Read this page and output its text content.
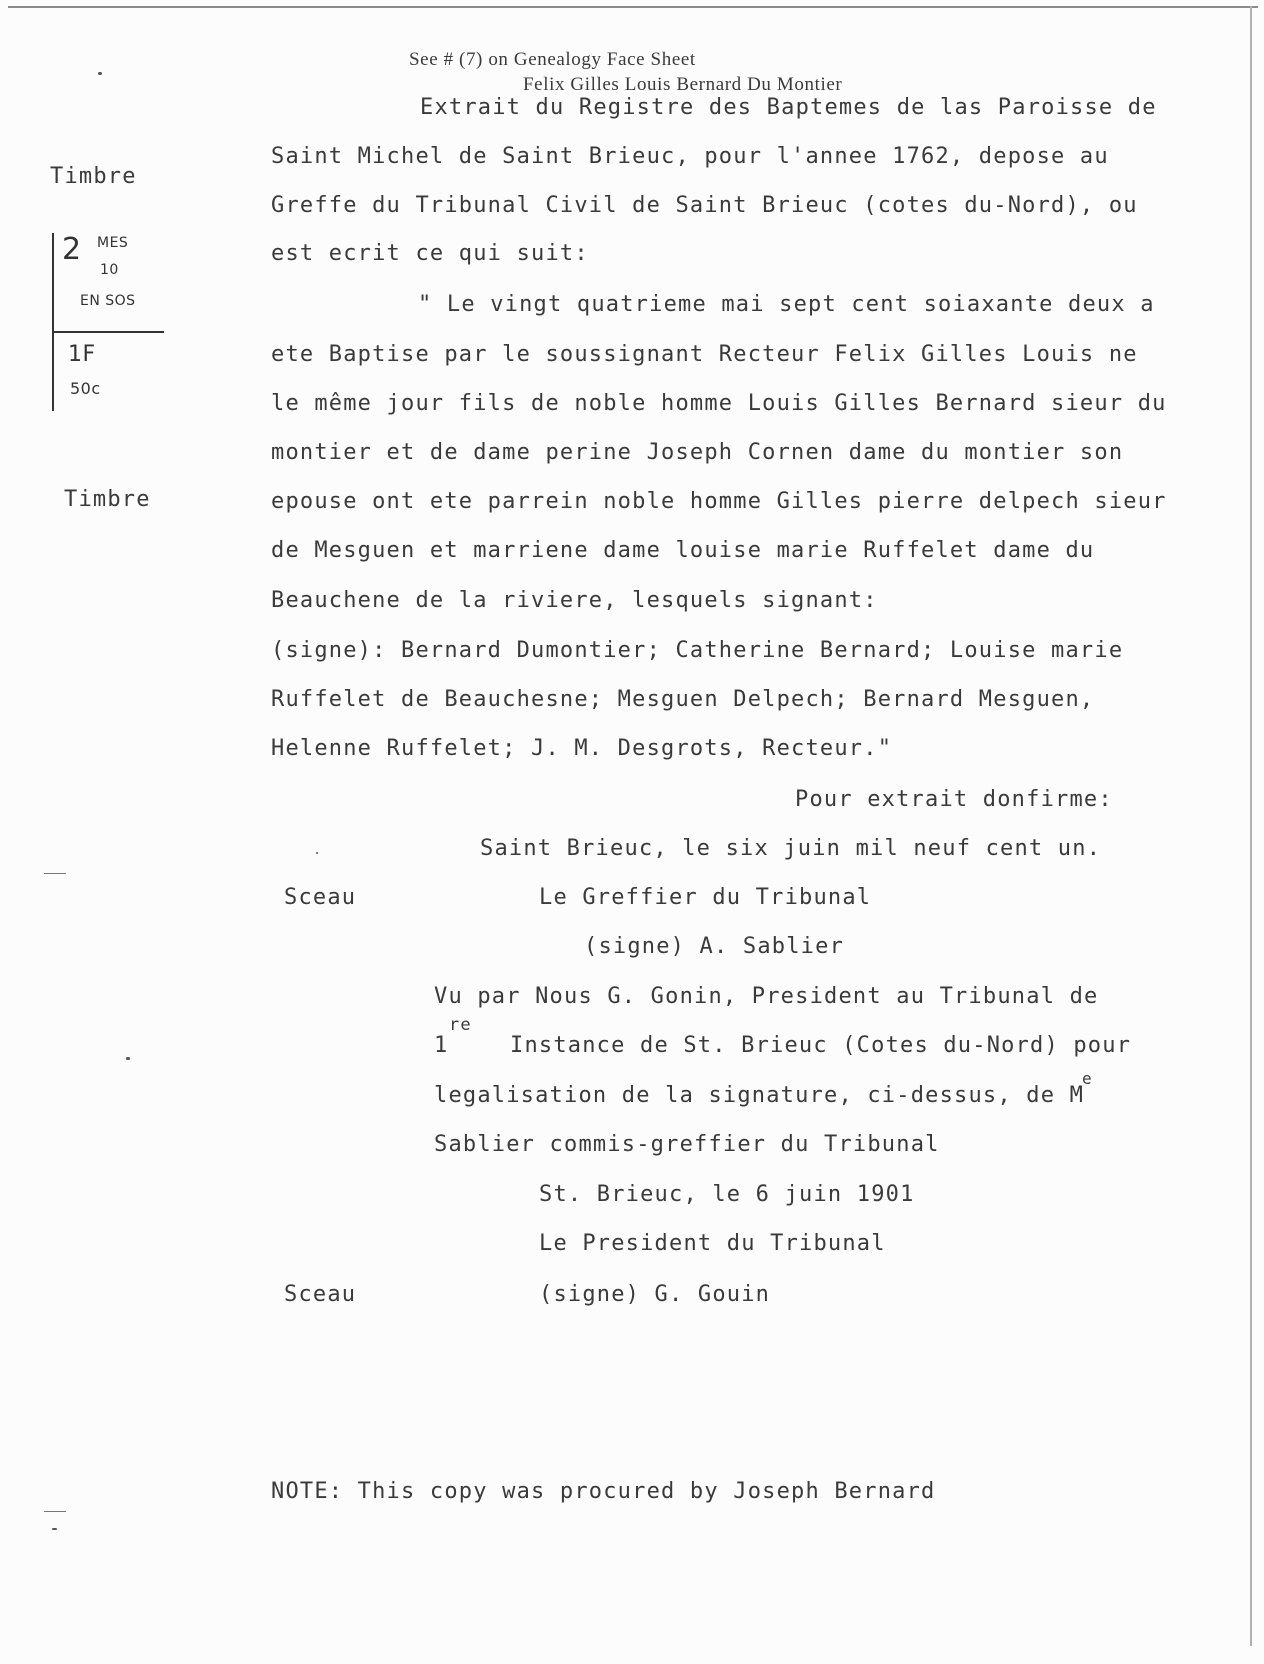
See # (7) on Genealogy Face Sheet
Felix Gilles Louis Bernard Du Montier
Timbre
2 MES
10
EN SOS
1F
50c
Timbre
Sceau
Sceau
Extrait du Registre des Baptemes de las Paroisse de
Saint Michel de Saint Brieuc, pour l'annee 1762, depose au
Greffe du Tribunal Civil de Saint Brieuc (cotes du-Nord), ou
est ecrit ce qui suit:
" Le vingt quatrieme mai sept cent soiaxante deux a
ete Baptise par le soussignant Recteur Felix Gilles Louis ne
le même jour fils de noble homme Louis Gilles Bernard sieur du
montier et de dame perine Joseph Cornen dame du montier son
epouse ont ete parrein noble homme Gilles pierre delpech sieur
de Mesguen et marriene dame louise marie Ruffelet dame du
Beauchene de la riviere, lesquels signant:
(signe): Bernard Dumontier; Catherine Bernard; Louise marie
Ruffelet de Beauchesne; Mesguen Delpech; Bernard Mesguen,
Helenne Ruffelet; J. M. Desgrots, Recteur."
Pour extrait donfirme:
Saint Brieuc, le six juin mil neuf cent un.
Le Greffier du Tribunal
(signe) A. Sablier
Vu par Nous G. Gonin, President au Tribunal de
1
re
Instance de St. Brieuc (Cotes du-Nord) pour
legalisation de la signature, ci-dessus, de M
e
Sablier commis-greffier du Tribunal
St. Brieuc, le 6 juin 1901
Le President du Tribunal
(signe) G. Gouin
NOTE: This copy was procured by Joseph Bernard
